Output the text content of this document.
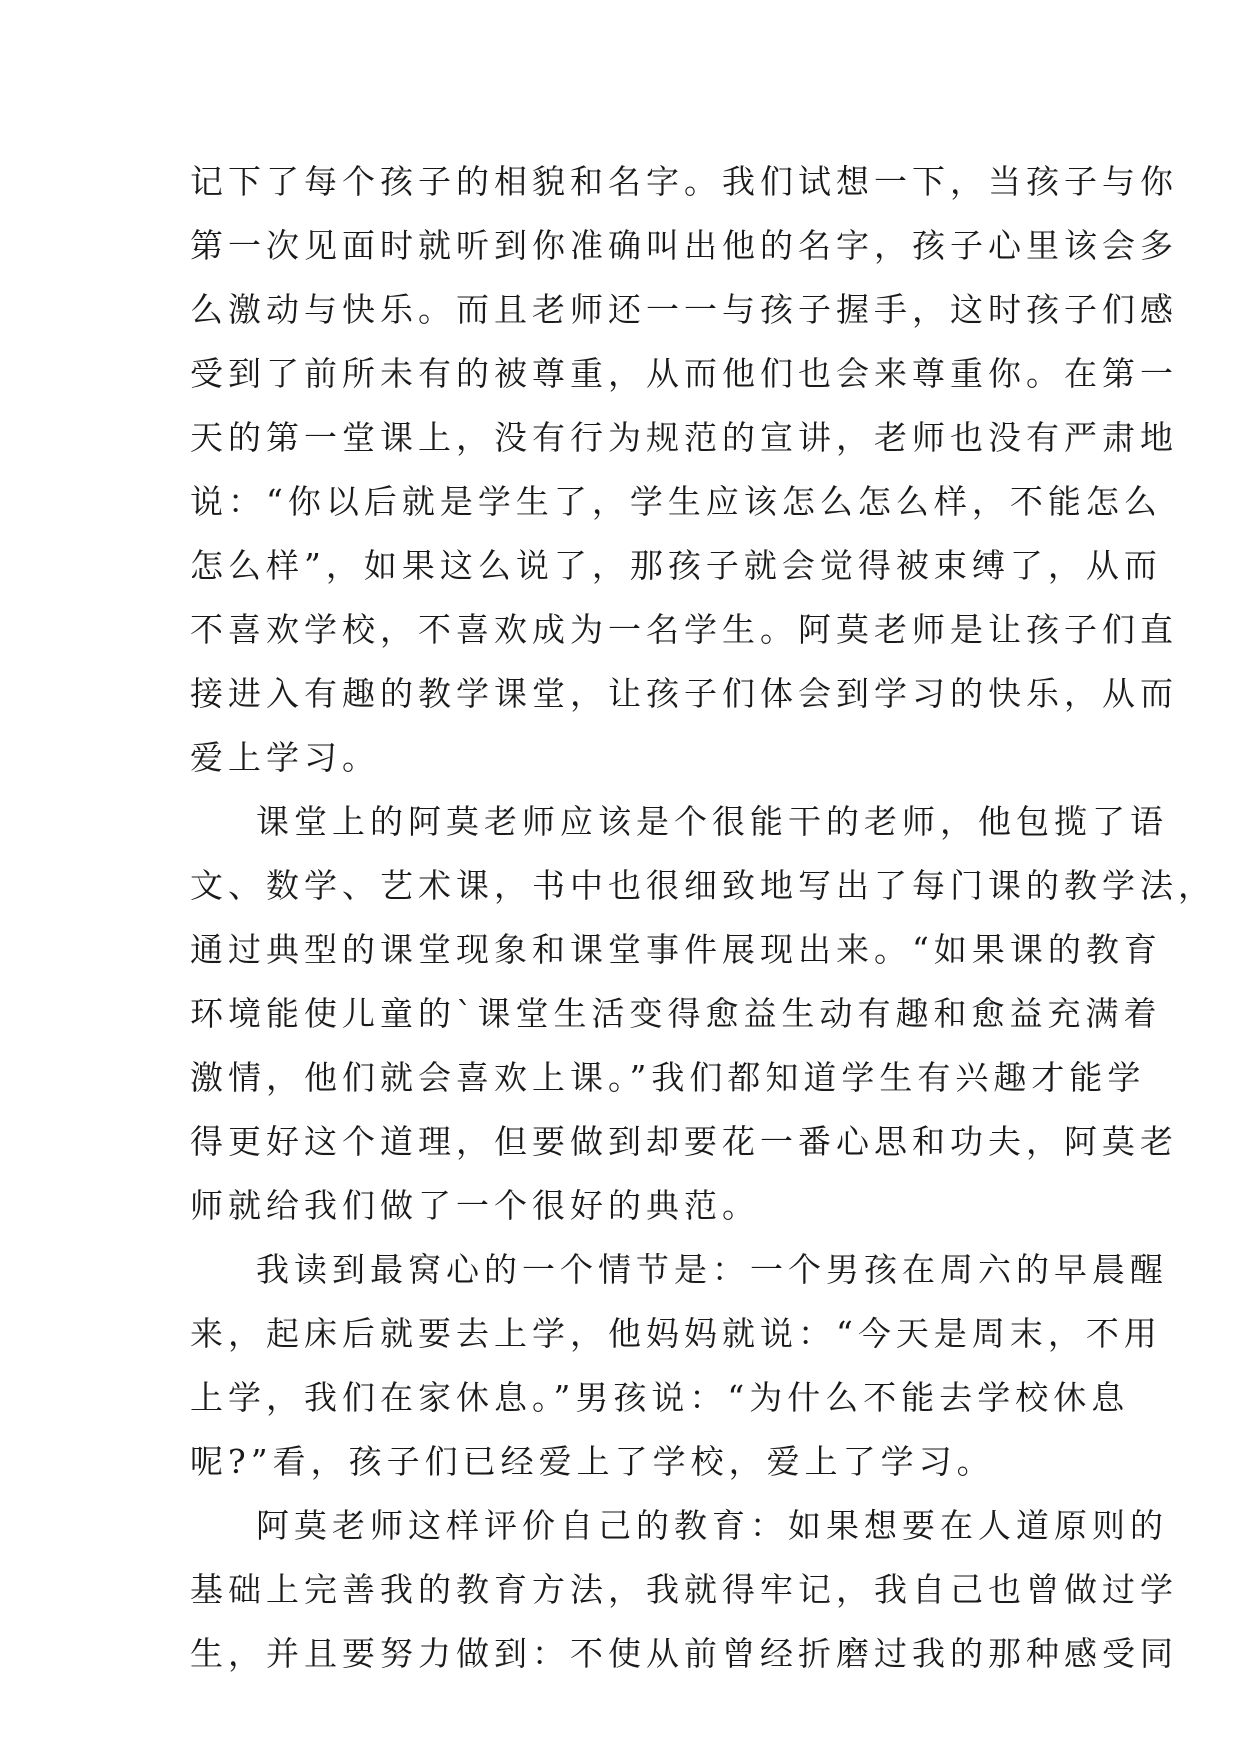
记下了每个孩子的相貌和名字。我们试想一下，当孩子与你
第一次见面时就听到你准确叫出他的名字，孩子心里该会多
么激动与快乐。而且老师还一一与孩子握手，这时孩子们感
受到了前所未有的被尊重，从而他们也会来尊重你。在第一
天的第一堂课上，没有行为规范的宣讲，老师也没有严肃地
说：“你以后就是学生了，学生应该怎么怎么样，不能怎么
怎么样”，如果这么说了，那孩子就会觉得被束缚了，从而
不喜欢学校，不喜欢成为一名学生。阿莫老师是让孩子们直
接进入有趣的教学课堂，让孩子们体会到学习的快乐，从而
爱上学习。
课堂上的阿莫老师应该是个很能干的老师，他包揽了语
文、数学、艺术课，书中也很细致地写出了每门课的教学法，
通过典型的课堂现象和课堂事件展现出来。“如果课的教育
环境能使儿童的`课堂生活变得愈益生动有趣和愈益充满着
激情，他们就会喜欢上课。”我们都知道学生有兴趣才能学
得更好这个道理，但要做到却要花一番心思和功夫，阿莫老
师就给我们做了一个很好的典范。
我读到最窝心的一个情节是：一个男孩在周六的早晨醒
来，起床后就要去上学，他妈妈就说：“今天是周末，不用
上学，我们在家休息。”男孩说：“为什么不能去学校休息
呢?”看，孩子们已经爱上了学校，爱上了学习。
阿莫老师这样评价自己的教育：如果想要在人道原则的
基础上完善我的教育方法，我就得牢记，我自己也曾做过学
生，并且要努力做到：不使从前曾经折磨过我的那种感受同
